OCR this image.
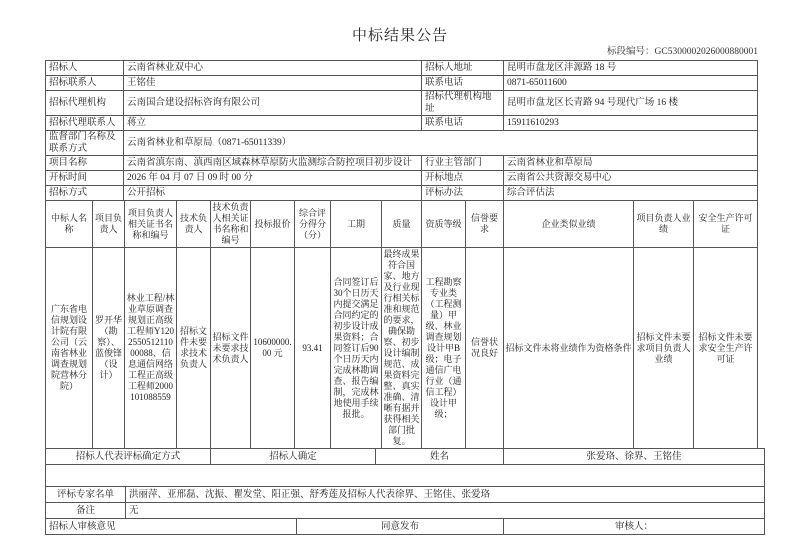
中标结果公告
标段编号：GC5300002026000880001
招标人	云南省林业双中心	招标人地址	昆明市盘龙区沣源路 18 号
招标联系人	王铭佳	联系电话	0871-65011600
招标代理机构	云南国合建设招标咨询有限公司	招标代理机构地址	昆明市盘龙区长青路 94 号现代广场 16 楼
招标代理联系人	蒋立	联系电话	15911610293
监督部门名称及联系方式	云南省林业和草原局（0871-65011339）		
项目名称	云南省滇东南、滇西南区域森林草原防火监测综合防控项目初步设计	行业主管部门	云南省林业和草原局
开标时间	2026 年 04 月 07 日 09 时 00 分	开标地点	云南省公共资源交易中心
招标方式	公开招标	评标办法	综合评估法
中标人名称	项目负责人	项目负责人相关证书名称和编号	技术负责人	技术负责人相关证书名称和编号	投标报价	综合评分得分（分）	工期	质量	资质等级	信誉要求	企业类似业绩	项目负责人业绩	安全生产许可证
广东省电信规划设计院有限公司（云南省林业调查规划院营林分院）	罗开华（勘察）、蓝俊锋（设计）	林业工程/林业草原调查规划正高级工程师Y120255051211000088、信息通信网络工程正高级工程师2000101088559	招标文件未要求技术负责人	招标文件未要求技术负责人	10600000.00 元	93.41	合同签订后30个日历天内提交满足合同约定的初步设计成果资料；合同签订后90个日历天内完成林勘调查、报告编制，完成林地使用手续报批。	最终成果符合国家、地方及行业现行相关标准和规范的要求，确保勘察、初步设计编制规范、成果资料完整、真实准确、清晰有据并获得相关部门批复。	工程勘察专业类（工程测量）甲级、林业调查规划设计甲B级；电子通信广电行业（通信工程）设计甲级；	信誉状况良好	招标文件未将业绩作为资格条件	招标文件未要求项目负责人业绩	招标文件未要求安全生产许可证
招标人代表评标确定方式		招标人确定		姓名	张爱珞、徐界、王铭佳

评标专家名单	洪丽萍、亚邢磊、沈振、瞿发堂、阳正强、舒秀莲及招标人代表徐界、王铭佳、张爱珞				
备注	无				
招标人审核意见			同意发布		审核人：
